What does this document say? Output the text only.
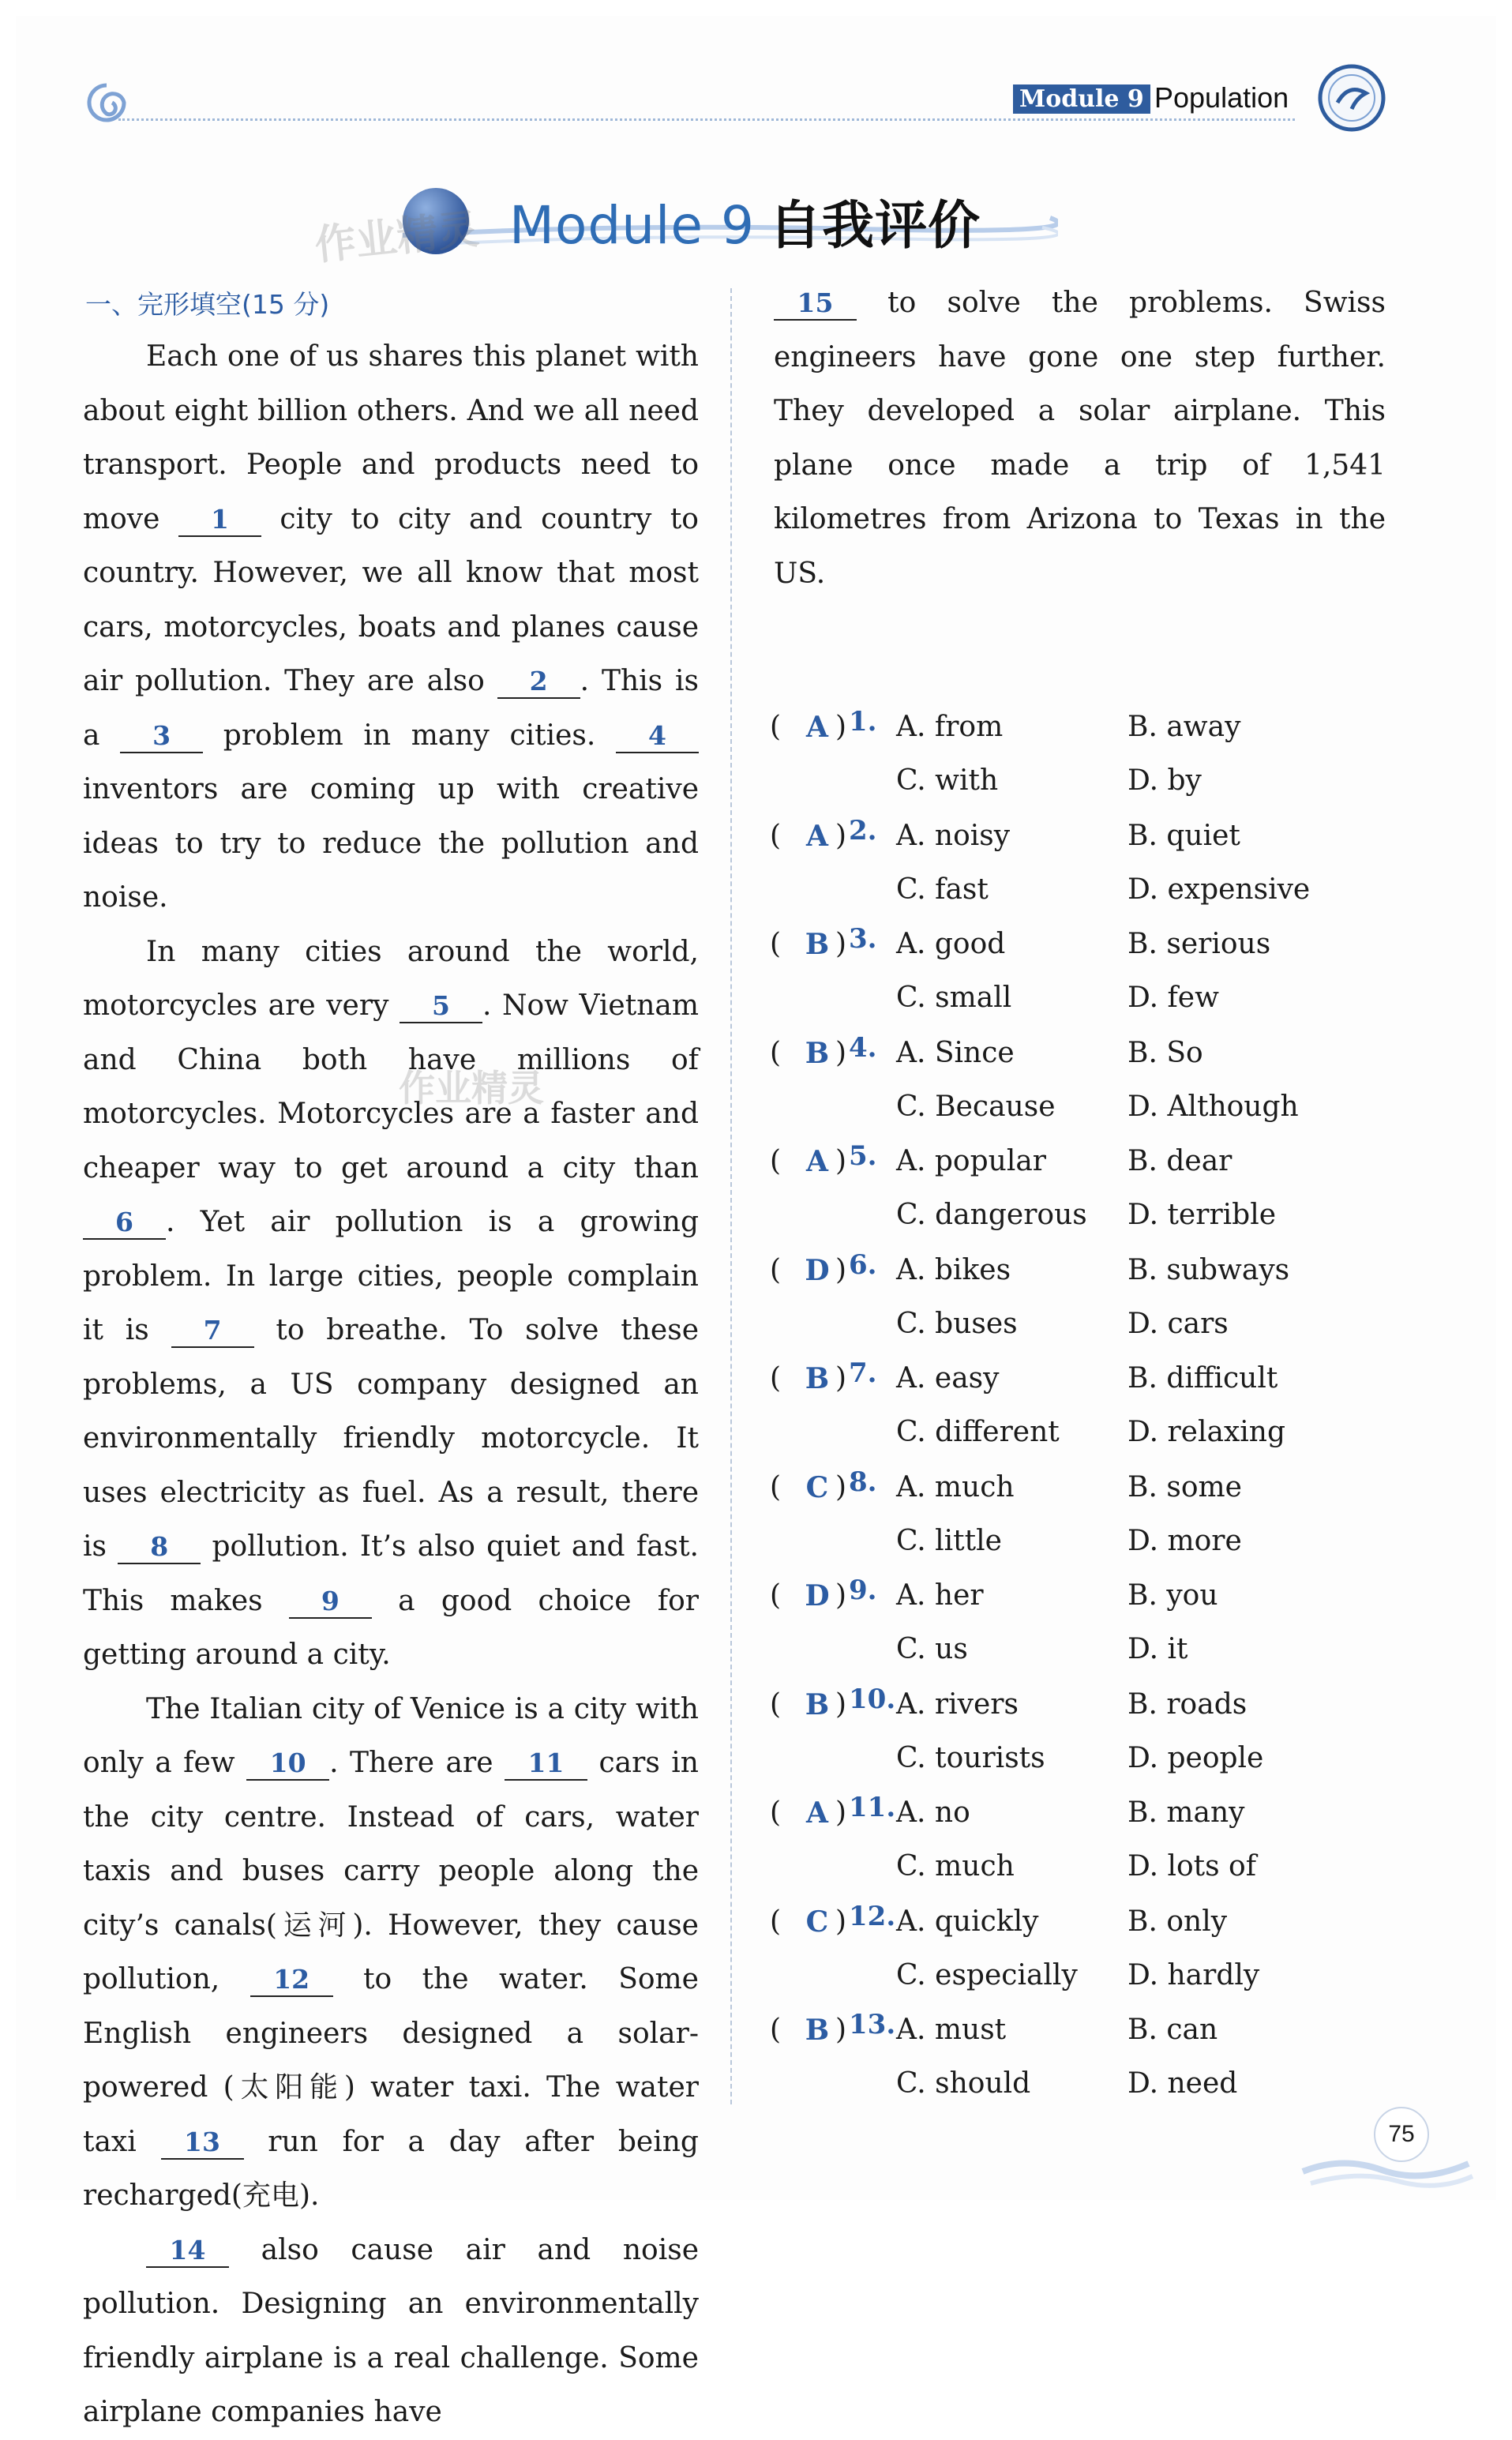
Module 9 Population
Module 9 自我评价
作业精灵
作业精灵
一、完形填空(15 分)

Each one of us shares this planet with about eight billion others. And we all need transport. People and products need to move 1 city to city and country to country. However, we all know that most cars, motorcycles, boats and planes cause air pollution. They are also 2 . This is a 3 problem in many cities. 4 inventors are coming up with creative ideas to try to reduce the pollution and noise.

In many cities around the world, motorcycles are very 5 . Now Vietnam and China both have millions of motorcycles. Motorcycles are a faster and cheaper way to get around a city than 6 . Yet air pollution is a growing problem. In large cities, people complain it is 7 to breathe. To solve these problems, a US company designed an environmentally friendly motorcycle. It uses electricity as fuel. As a result, there is 8 pollution. It’s also quiet and fast. This makes 9 a good choice for getting around a city.

The Italian city of Venice is a city with only a few 10 . There are 11 cars in the city centre. Instead of cars, water taxis and buses carry people along the city’s canals(运河). However, they cause pollution, 12 to the water. Some English engineers designed a solar-powered (太阳能) water taxi. The water taxi 13 run for a day after being recharged(充电).

14 also cause air and noise pollution. Designing an environmentally friendly airplane is a real challenge. Some airplane companies have

15 to solve the problems. Swiss engineers have gone one step further. They developed a solar airplane. This plane once made a trip of 1,541 kilometres from Arizona to Texas in the US.

( A ) 1. A. from	B. away
C. with	D. by
( A ) 2. A. noisy	B. quiet
C. fast	D. expensive
( B ) 3. A. good	B. serious
C. small	D. few
( B ) 4. A. Since	B. So
C. Because	D. Although
( A ) 5. A. popular	B. dear
C. dangerous D. terrible
( D ) 6. A. bikes	B. subways
C. buses	D. cars
( B ) 7. A. easy	B. difficult
C. different D. relaxing
( C ) 8. A. much	B. some
C. little	D. more
( D ) 9. A. her	B. you
C. us	D. it
( B ) 10. A. rivers	B. roads
C. tourists	D. people
( A ) 11. A. no	B. many
C. much	D. lots of
( C ) 12. A. quickly	B. only
C. especially D. hardly
( B ) 13. A. must	B. can
C. should	D. need
75
